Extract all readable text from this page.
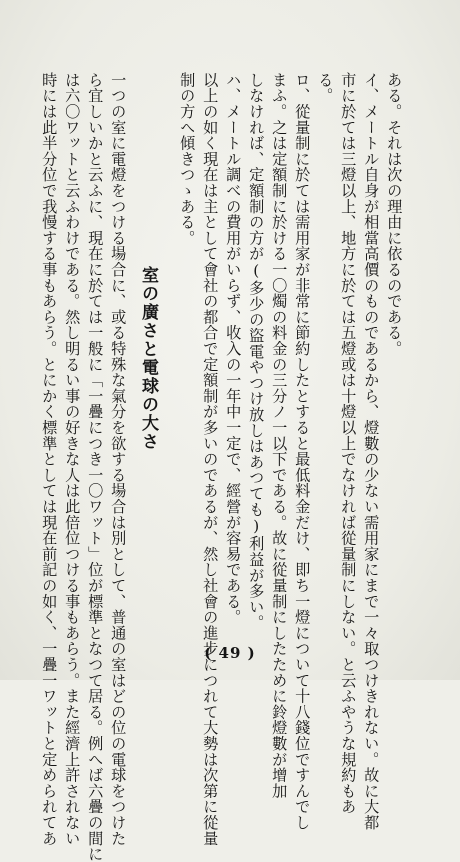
ある。それは次の理由に依るのである。
イ、メートル自身が相當高價のものであるから、燈數の少ない需用家にまで一々取つけきれない。故に大都
市に於ては三燈以上、地方に於ては五燈或は十燈以上でなければ從量制にしない。と云ふやうな規約もあ
る。
ロ、從量制に於ては需用家が非常に節約したとすると最低料金だけ、即ち一燈について十八錢位ですんでし
まふ。之は定額制に於ける一〇燭の料金の三分ノ一以下である。故に從量制にしたために鈴燈數が增加
しなければ、定額制の方が(多少の盜電やつけ放しはあつても)利益が多い。
ハ、メートル調べの費用がいらず、收入の一年中一定で、經營が容易である。
以上の如く現在は主として會社の都合で定額制が多いのであるが、然し社會の進步につれて大勢は次第に從量
制の方へ傾きつゝある。
室の廣さと電球の大さ
一つの室に電燈をつける場合に、或る特殊な氣分を欲する場合は別として、普通の室はどの位の電球をつけた
ら宜しいかと云ふに、現在に於ては一般に「一疊につき一〇ワット」位が標準となつて居る。例へば六疊の間に
は六〇ワットと云ふわけである。然し明るい事の好きな人は此倍位つける事もあらう。また經濟上許されない
時には此半分位で我慢する事もあらう。とにかく標準としては現在前記の如く、一疊一ワットと定められてあ	( 49 )
